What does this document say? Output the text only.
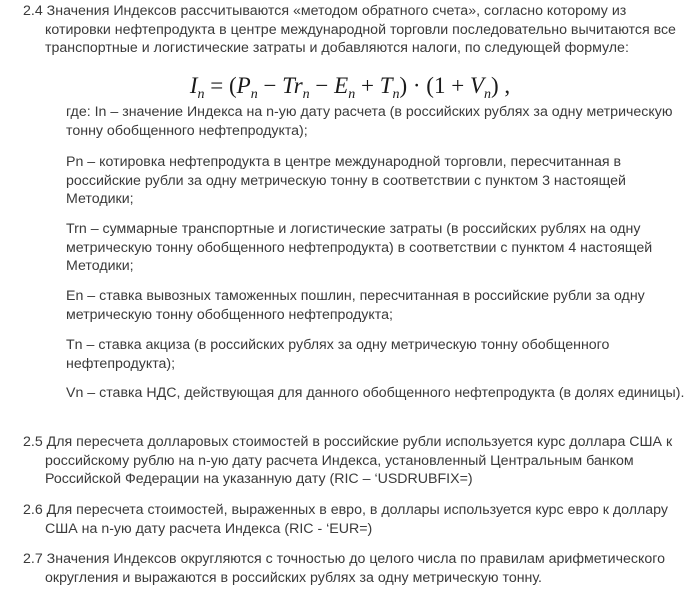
2.4 Значения Индексов рассчитываются «методом обратного счета», согласно которому из котировки нефтепродукта в центре международной торговли последовательно вычитаются все транспортные и логистические затраты и добавляются налоги, по следующей формуле:

$I_n = (P_n - Tr_n - E_n + T_n) \cdot (1 + V_n)$ ,

где: In – значение Индекса на n-ую дату расчета (в российских рублях за одну метрическую тонну обобщенного нефтепродукта);

Pn – котировка нефтепродукта в центре международной торговли, пересчитанная в российские рубли за одну метрическую тонну в соответствии с пунктом 3 настоящей Методики;

Trn – суммарные транспортные и логистические затраты (в российских рублях на одну метрическую тонну обобщенного нефтепродукта) в соответствии с пунктом 4 настоящей Методики;

En – ставка вывозных таможенных пошлин, пересчитанная в российские рубли за одну метрическую тонну обобщенного нефтепродукта;

Tn – ставка акциза (в российских рублях за одну метрическую тонну обобщенного нефтепродукта);

Vn – ставка НДС, действующая для данного обобщенного нефтепродукта (в долях единицы).

2.5 Для пересчета долларовых стоимостей в российские рубли используется курс доллара США к российскому рублю на n-ую дату расчета Индекса, установленный Центральным банком Российской Федерации на указанную дату (RIC – ‘USDRUBFIX=)

2.6 Для пересчета стоимостей, выраженных в евро, в доллары используется курс евро к доллару США на n-ую дату расчета Индекса (RIC - ‘EUR=)

2.7 Значения Индексов округляются с точностью до целого числа по правилам арифметического округления и выражаются в российских рублях за одну метрическую тонну.
